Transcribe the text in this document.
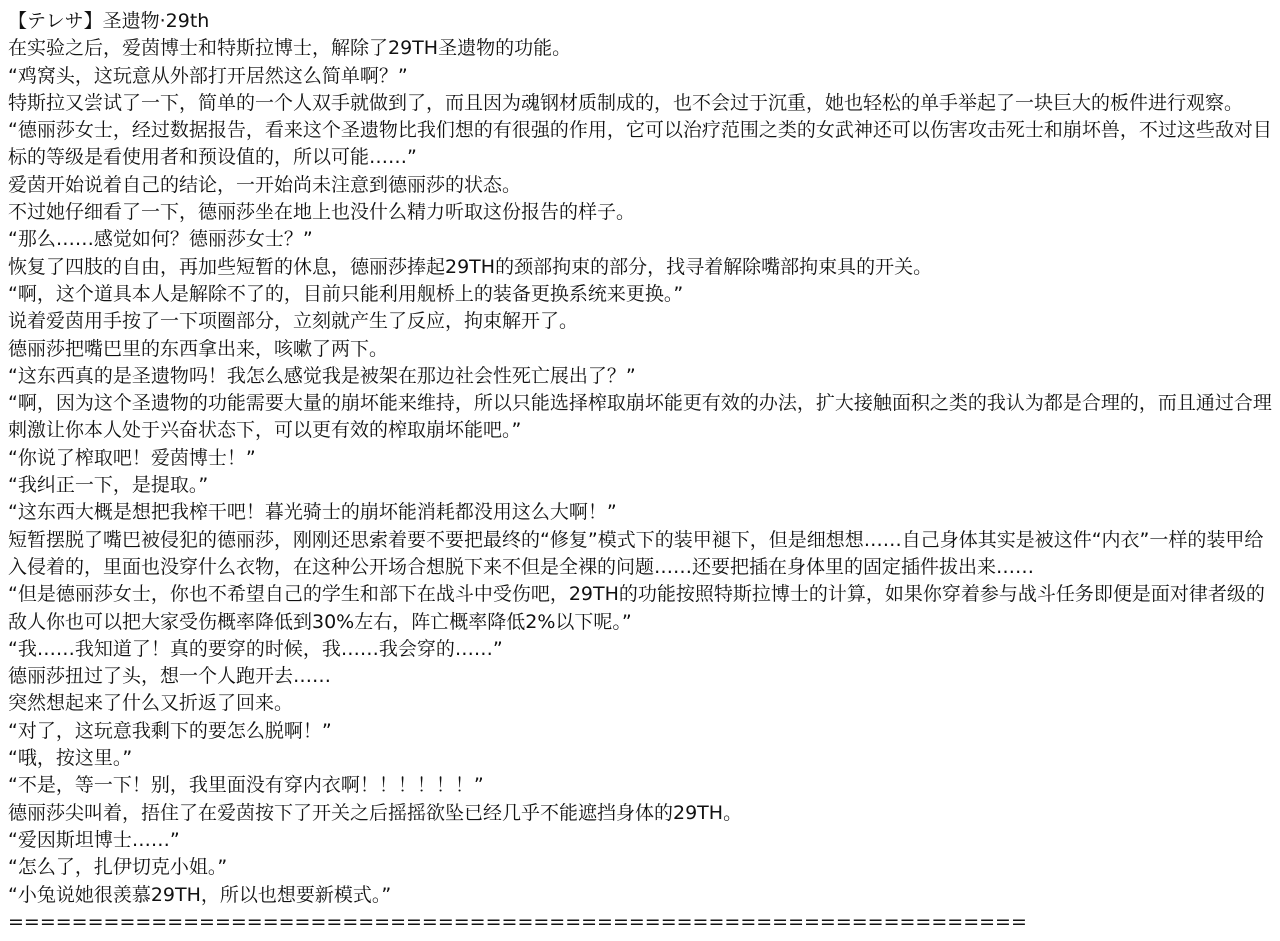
【テレサ】圣遗物·29th

在实验之后，爱茵博士和特斯拉博士，解除了29TH圣遗物的功能。

“鸡窝头，这玩意从外部打开居然这么简单啊？”

特斯拉又尝试了一下，简单的一个人双手就做到了，而且因为魂钢材质制成的，也不会过于沉重，她也轻松的单手举起了一块巨大的板件进行观察。

“德丽莎女士，经过数据报告，看来这个圣遗物比我们想的有很强的作用，它可以治疗范围之类的女武神还可以伤害攻击死士和崩坏兽，不过这些敌对目标的等级是看使用者和预设值的，所以可能……”

爱茵开始说着自己的结论，一开始尚未注意到德丽莎的状态。

不过她仔细看了一下，德丽莎坐在地上也没什么精力听取这份报告的样子。

“那么……感觉如何？德丽莎女士？”

恢复了四肢的自由，再加些短暂的休息，德丽莎捧起29TH的颈部拘束的部分，找寻着解除嘴部拘束具的开关。

“啊，这个道具本人是解除不了的，目前只能利用舰桥上的装备更换系统来更换。”

说着爱茵用手按了一下项圈部分，立刻就产生了反应，拘束解开了。

德丽莎把嘴巴里的东西拿出来，咳嗽了两下。

“这东西真的是圣遗物吗！我怎么感觉我是被架在那边社会性死亡展出了？”

“啊，因为这个圣遗物的功能需要大量的崩坏能来维持，所以只能选择榨取崩坏能更有效的办法，扩大接触面积之类的我认为都是合理的，而且通过合理刺激让你本人处于兴奋状态下，可以更有效的榨取崩坏能吧。”

“你说了榨取吧！爱茵博士！”

“我纠正一下，是提取。”

“这东西大概是想把我榨干吧！暮光骑士的崩坏能消耗都没用这么大啊！”

短暂摆脱了嘴巴被侵犯的德丽莎，刚刚还思索着要不要把最终的“修复”模式下的装甲褪下，但是细想想……自己身体其实是被这件“内衣”一样的装甲给入侵着的，里面也没穿什么衣物，在这种公开场合想脱下来不但是全裸的问题……还要把插在身体里的固定插件拔出来……

“但是德丽莎女士，你也不希望自己的学生和部下在战斗中受伤吧，29TH的功能按照特斯拉博士的计算，如果你穿着参与战斗任务即便是面对律者级的敌人你也可以把大家受伤概率降低到30%左右，阵亡概率降低2%以下呢。”

“我……我知道了！真的要穿的时候，我……我会穿的……”

德丽莎扭过了头，想一个人跑开去……

突然想起来了什么又折返了回来。

“对了，这玩意我剩下的要怎么脱啊！”

“哦，按这里。”

“不是，等一下！别，我里面没有穿内衣啊！！！！！！”

德丽莎尖叫着，捂住了在爱茵按下了开关之后摇摇欲坠已经几乎不能遮挡身体的29TH。

“爱因斯坦博士……”

“怎么了，扎伊切克小姐。”

“小兔说她很羡慕29TH，所以也想要新模式。”

================================================================
